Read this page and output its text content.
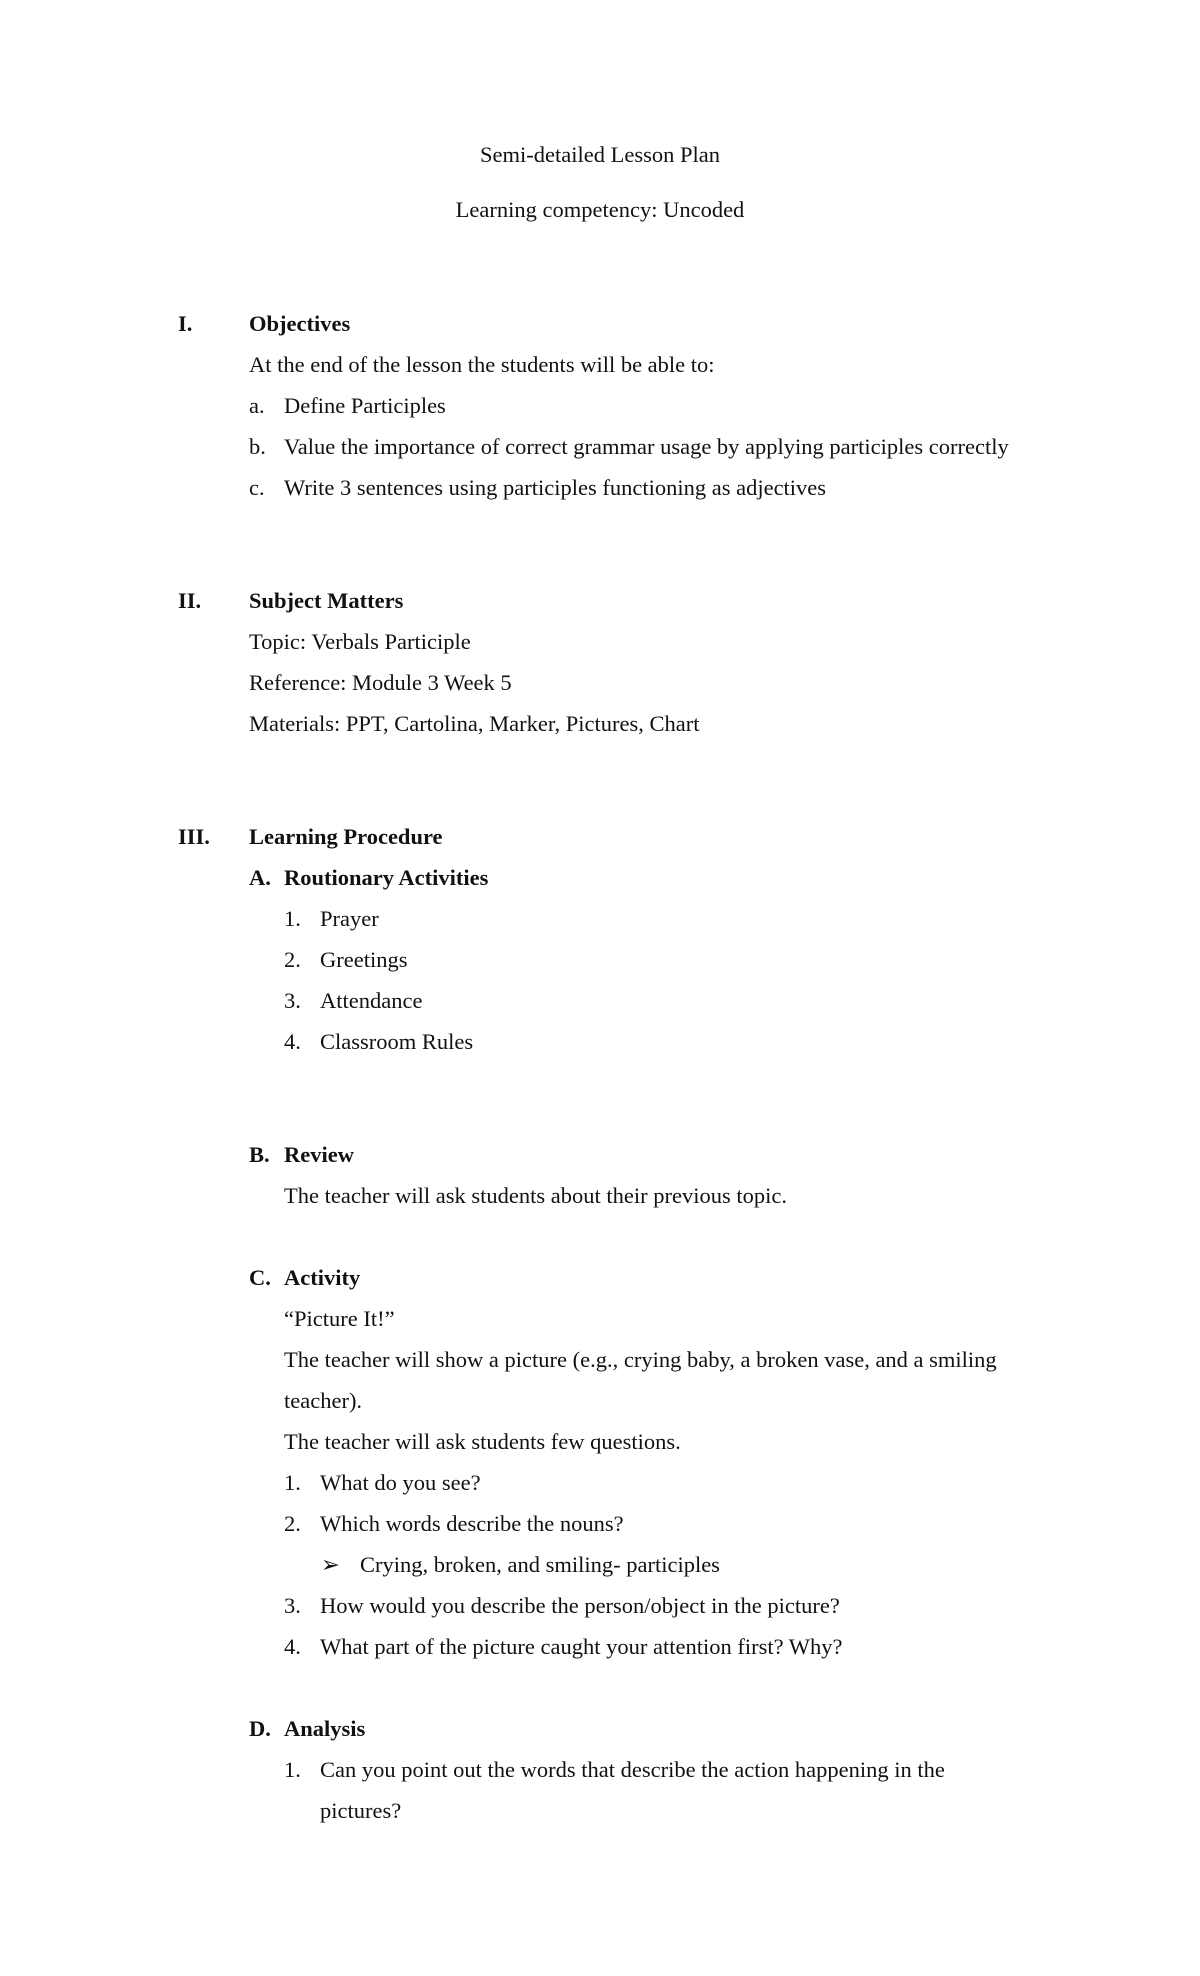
Semi-detailed Lesson Plan
Learning competency: Uncoded
I.	Objectives
At the end of the lesson the students will be able to:
a. Define Participles
b. Value the importance of correct grammar usage by applying participles correctly
c. Write 3 sentences using participles functioning as adjectives
II. Subject Matters
Topic: Verbals Participle
Reference: Module 3 Week 5
Materials: PPT, Cartolina, Marker, Pictures, Chart
III. Learning Procedure
A. Routionary Activities
1. Prayer
2. Greetings
3. Attendance
4. Classroom Rules
B. Review
The teacher will ask students about their previous topic.
C. Activity
“Picture It!”
The teacher will show a picture (e.g., crying baby, a broken vase, and a smiling
teacher).
The teacher will ask students few questions.
1. What do you see?
2. Which words describe the nouns?
➢ Crying, broken, and smiling- participles
3. How would you describe the person/object in the picture?
4. What part of the picture caught your attention first? Why?
D. Analysis
1. Can you point out the words that describe the action happening in the
pictures?
